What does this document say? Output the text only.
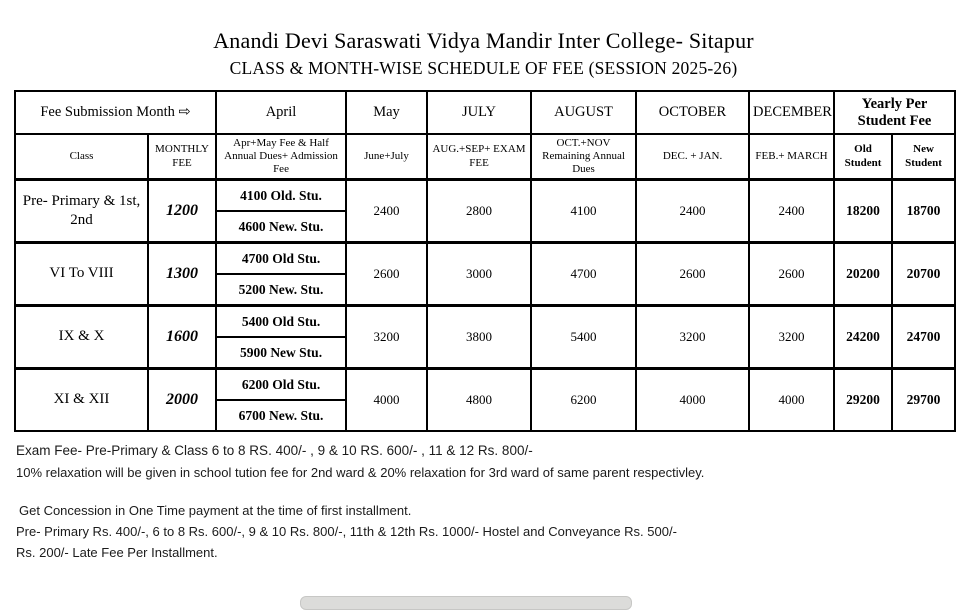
Anandi Devi Saraswati Vidya Mandir Inter College- Sitapur
CLASS & MONTH-WISE SCHEDULE OF FEE (SESSION 2025-26)
Fee Submission Month ⇨		April	May	JULY	AUGUST	OCTOBER	DECEMBER	Yearly Per Student Fee	
Class	MONTHLY FEE	Apr+May Fee & Half Annual Dues+ Admission Fee	June+July	AUG.+SEP+ EXAM FEE	OCT.+NOV Remaining Annual Dues	DEC. + JAN.	FEB.+ MARCH	Old Student	New Student
Pre- Primary & 1st, 2nd	1200	4100 Old. Stu.	2400	2800	4100	2400	2400	18200	18700
		4600 New. Stu.							
VI To VIII	1300	4700 Old Stu.	2600	3000	4700	2600	2600	20200	20700
		5200 New. Stu.							
IX & X	1600	5400 Old Stu.	3200	3800	5400	3200	3200	24200	24700
		5900 New Stu.							
XI & XII	2000	6200 Old Stu.	4000	4800	6200	4000	4000	29200	29700
		6700 New. Stu.							

Exam Fee- Pre-Primary & Class 6 to 8 RS. 400/- , 9 & 10 RS. 600/- , 11 & 12 Rs. 800/-

10% relaxation will be given in school tution fee for 2nd ward & 20% relaxation for 3rd ward of same parent respectivley.

Get Concession in One Time payment at the time of first installment.

Pre- Primary Rs. 400/-, 6 to 8 Rs. 600/-, 9 & 10 Rs. 800/-, 11th & 12th Rs. 1000/- Hostel and Conveyance Rs. 500/-

Rs. 200/- Late Fee Per Installment.
